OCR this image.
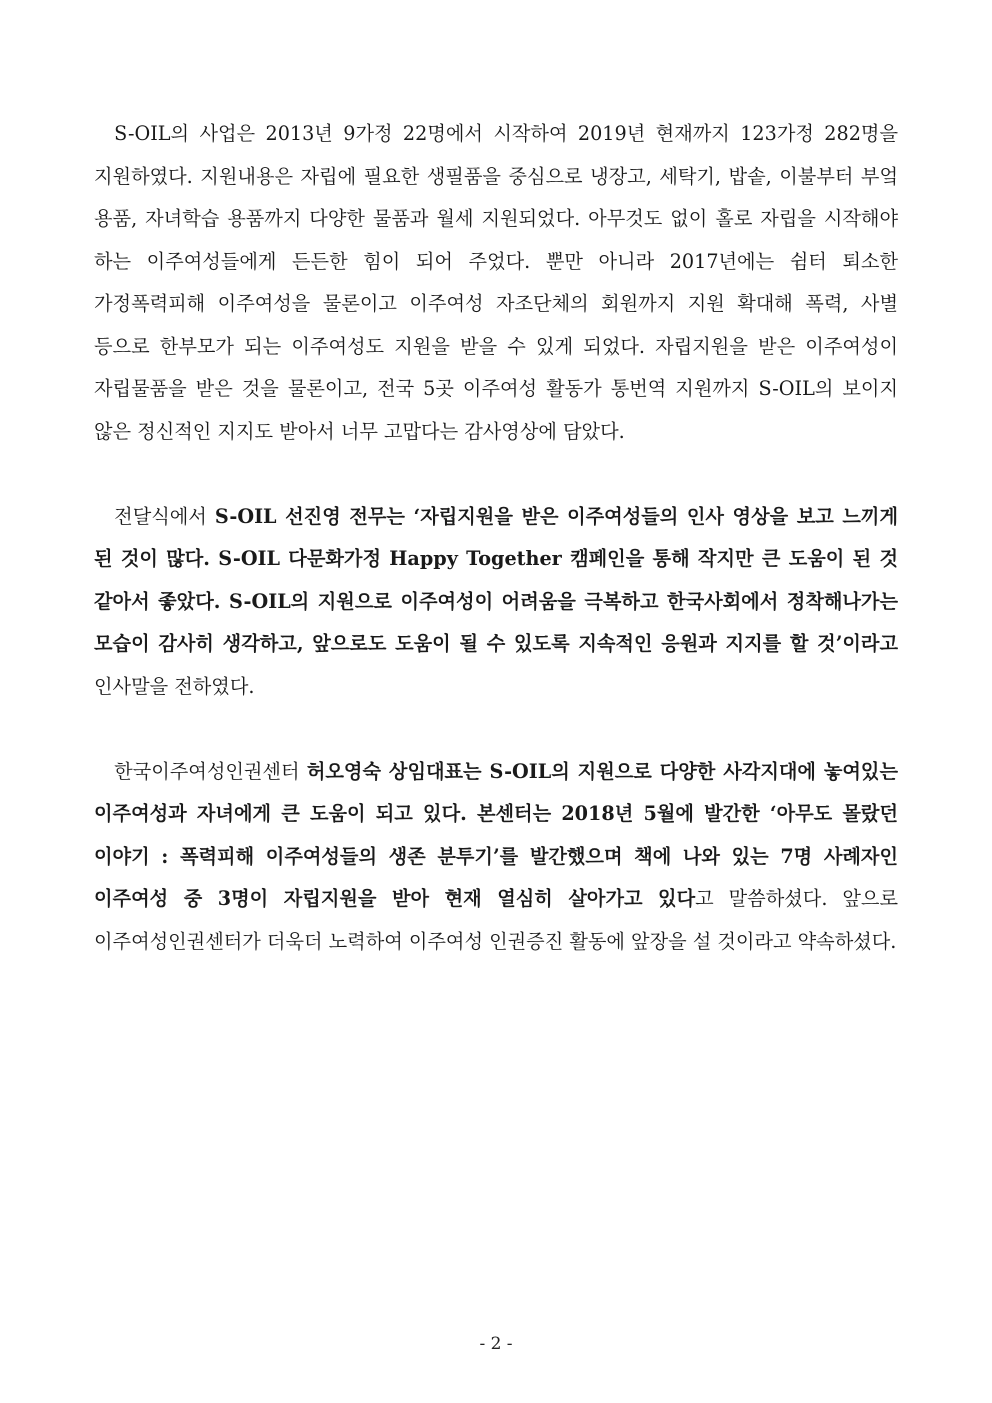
S-OIL의 사업은 2013년 9가정 22명에서 시작하여 2019년 현재까지 123가정 282명을 지원하였다. 지원내용은 자립에 필요한 생필품을 중심으로 냉장고, 세탁기, 밥솥, 이불부터 부엌 용품, 자녀학습 용품까지 다양한 물품과 월세 지원되었다. 아무것도 없이 홀로 자립을 시작해야 하는 이주여성들에게 든든한 힘이 되어 주었다. 뿐만 아니라 2017년에는 쉼터 퇴소한 가정폭력피해 이주여성을 물론이고 이주여성 자조단체의 회원까지 지원 확대해 폭력, 사별 등으로 한부모가 되는 이주여성도 지원을 받을 수 있게 되었다. 자립지원을 받은 이주여성이 자립물품을 받은 것을 물론이고, 전국 5곳 이주여성 활동가 통번역 지원까지 S-OIL의 보이지 않은 정신적인 지지도 받아서 너무 고맙다는 감사영상에 담았다.

전달식에서 S-OIL 선진영 전무는 ‘자립지원을 받은 이주여성들의 인사 영상을 보고 느끼게 된 것이 많다. S-OIL 다문화가정 Happy Together 캠페인을 통해 작지만 큰 도움이 된 것 같아서 좋았다. S-OIL의 지원으로 이주여성이 어려움을 극복하고 한국사회에서 정착해나가는 모습이 감사히 생각하고, 앞으로도 도움이 될 수 있도록 지속적인 응원과 지지를 할 것’이라고 인사말을 전하였다.

한국이주여성인권센터 허오영숙 상임대표는 S-OIL의 지원으로 다양한 사각지대에 놓여있는 이주여성과 자녀에게 큰 도움이 되고 있다. 본센터는 2018년 5월에 발간한 ‘아무도 몰랐던 이야기 : 폭력피해 이주여성들의 생존 분투기’를 발간했으며 책에 나와 있는 7명 사례자인 이주여성 중 3명이 자립지원을 받아 현재 열심히 살아가고 있다고 말씀하셨다. 앞으로 이주여성인권센터가 더욱더 노력하여 이주여성 인권증진 활동에 앞장을 설 것이라고 약속하셨다.

- 2 -
